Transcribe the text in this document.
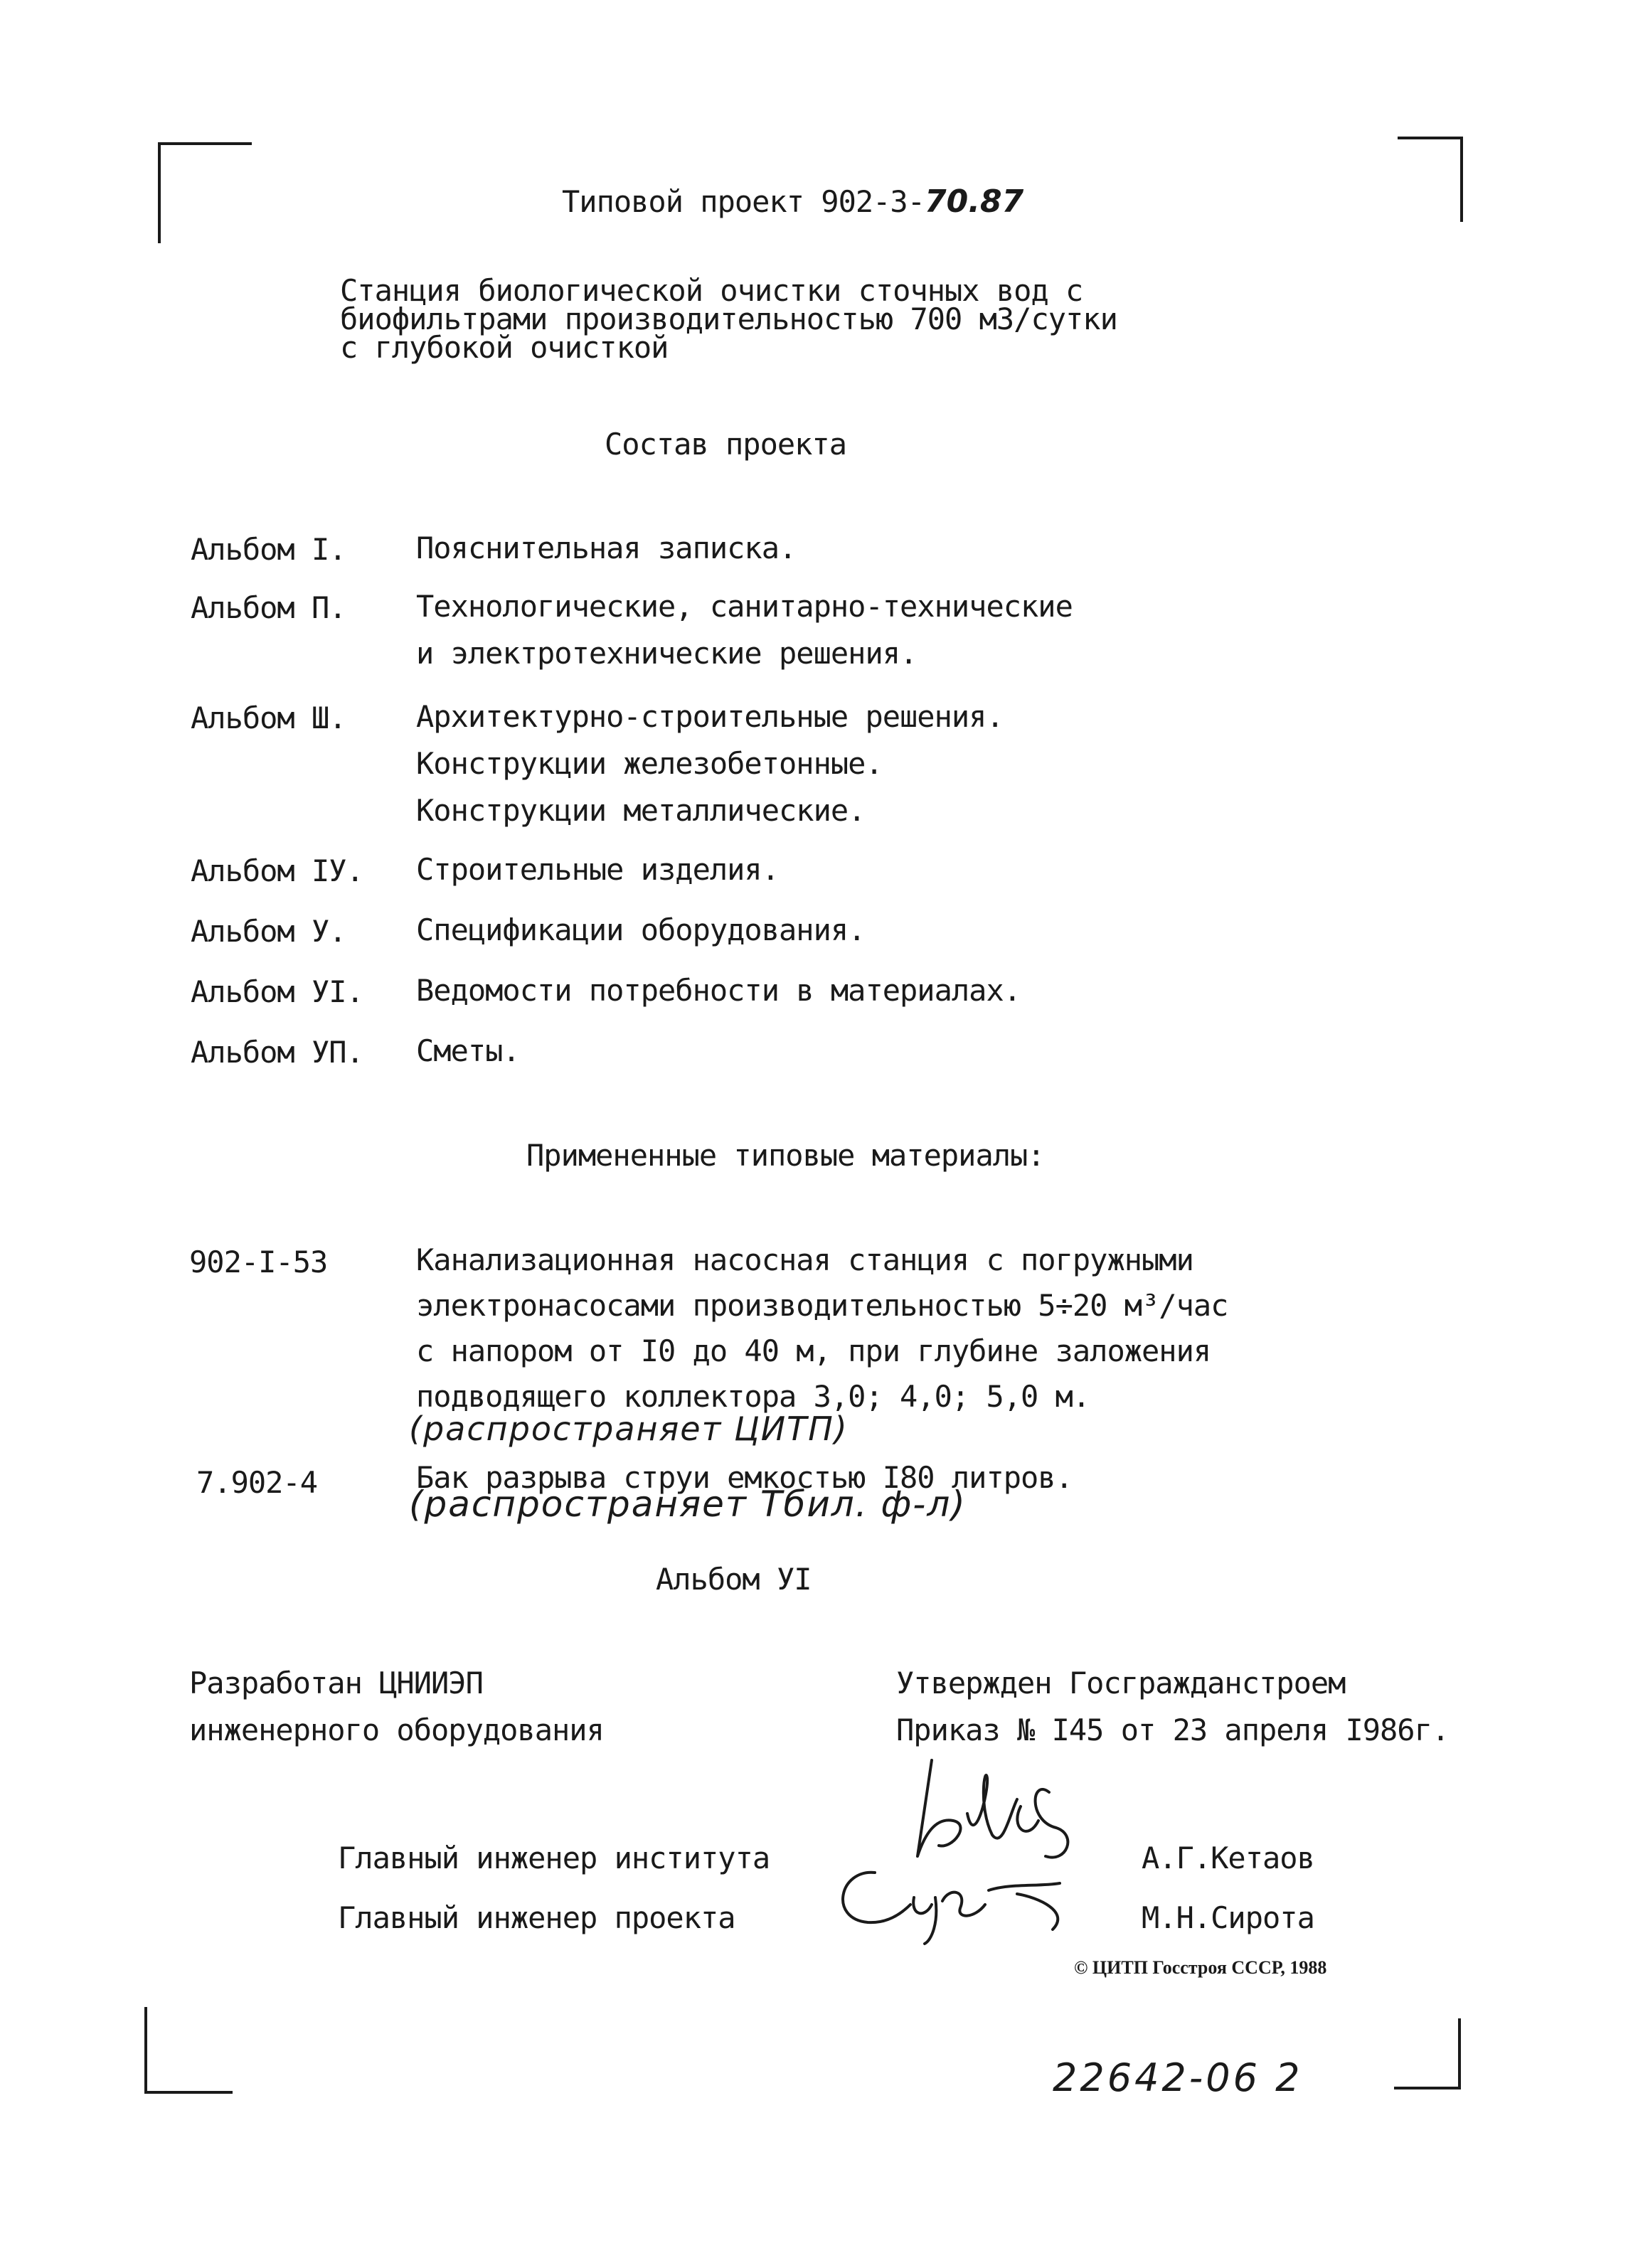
Типовой проект 902-3-70.87
Станция биологической очистки сточных вод с
биофильтрами производительностью 700 м3/сутки
с глубокой очисткой
Состав проекта
Альбом I. Пояснительная записка.
Альбом П. Технологические, санитарно-технические
и электротехнические решения.
Альбом Ш. Архитектурно-строительные решения.
Конструкции железобетонные.
Конструкции металлические.
Альбом IУ. Строительные изделия.
Альбом У. Спецификации оборудования.
Альбом УI. Ведомости потребности в материалах.
Альбом УП. Сметы.
Примененные типовые материалы:
902-I-53	Канализационная насосная станция с погружными
электронасосами производительностью 5÷20 м³/час
с напором от I0 до 40 м, при глубине заложения
подводящего коллектора 3,0; 4,0; 5,0 м.
(распространяет ЦИТП)
7.902-4	Бак разрыва струи емкостью I80 литров.
(распространяет Тбил. ф-л)
Альбом УI
Разработан ЦНИИЭП
инженерного оборудования
Утвержден Госгражданстроем
Приказ № I45 от 23 апреля I986г.
Главный инженер института	А.Г.Кетаов
Главный инженер проекта	М.Н.Сирота
© ЦИТП Госстроя СССР, 1988
22642-06 2
